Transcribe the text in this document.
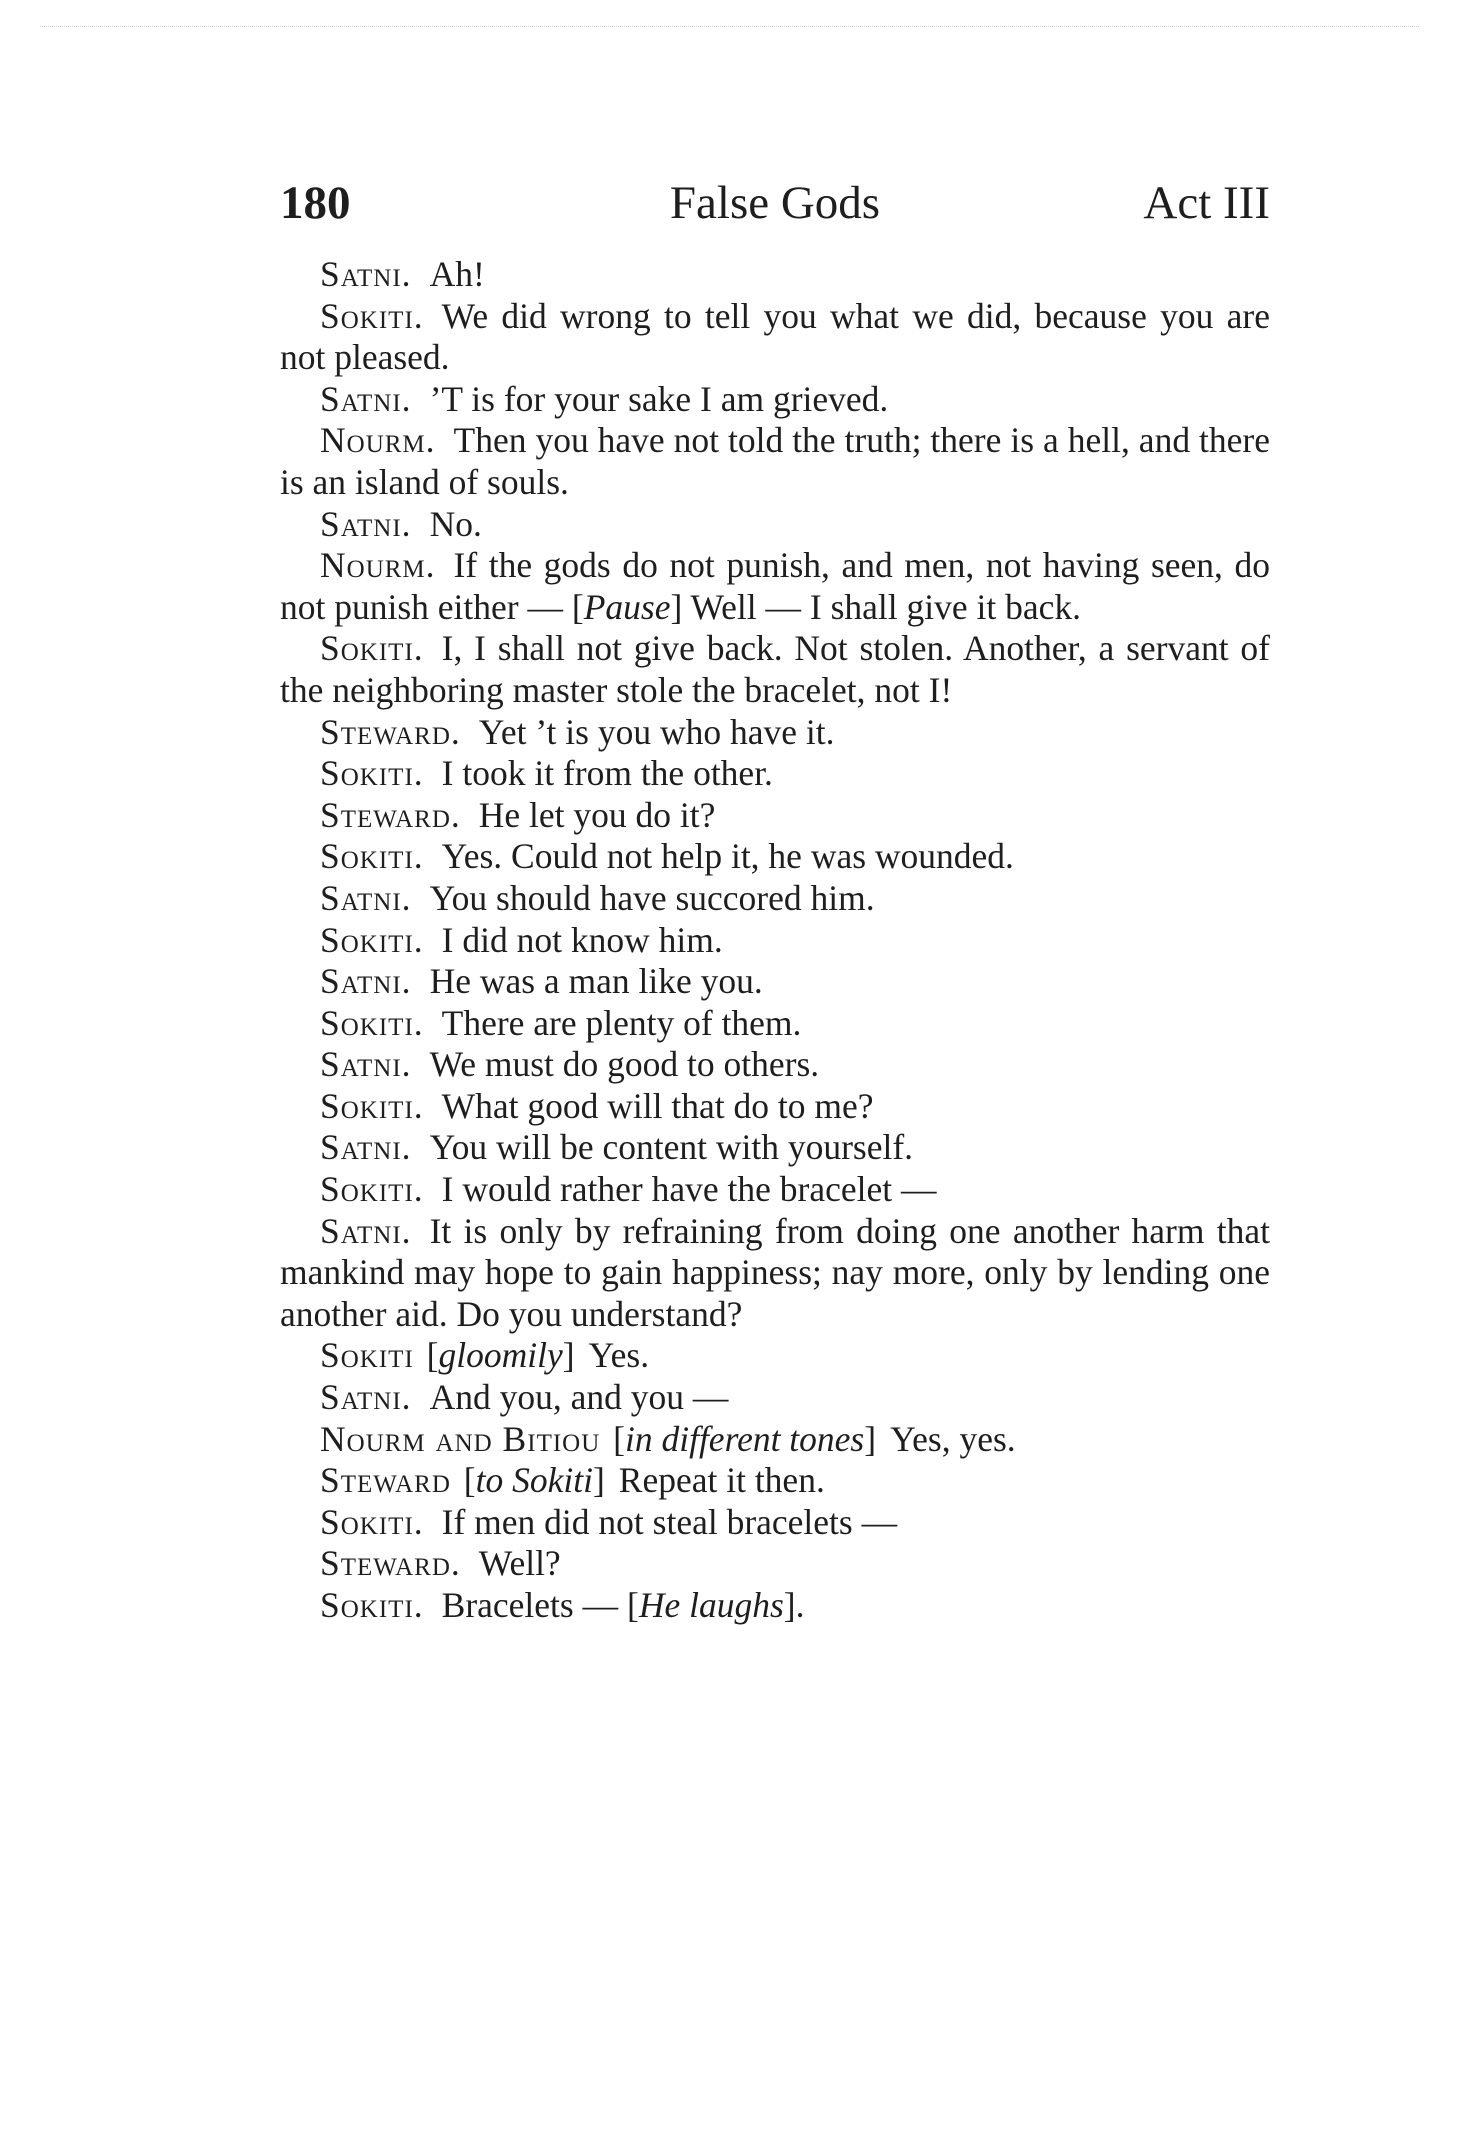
180	False Gods	Act III

Satni. Ah!

Sokiti. We did wrong to tell you what we did, because you are not pleased.

Satni. ’T is for your sake I am grieved.

Nourm. Then you have not told the truth; there is a hell, and there is an island of souls.

Satni. No.

Nourm. If the gods do not punish, and men, not having seen, do not punish either — [Pause] Well — I shall give it back.

Sokiti. I, I shall not give back. Not stolen. Another, a servant of the neighboring master stole the bracelet, not I!

Steward. Yet ’t is you who have it.

Sokiti. I took it from the other.

Steward. He let you do it?

Sokiti. Yes. Could not help it, he was wounded.

Satni. You should have succored him.

Sokiti. I did not know him.

Satni. He was a man like you.

Sokiti. There are plenty of them.

Satni. We must do good to others.

Sokiti. What good will that do to me?

Satni. You will be content with yourself.

Sokiti. I would rather have the bracelet —

Satni. It is only by refraining from doing one another harm that mankind may hope to gain happiness; nay more, only by lending one another aid. Do you understand?

Sokiti [gloomily] Yes.

Satni. And you, and you —

Nourm and Bitiou [in different tones] Yes, yes.

Steward [to Sokiti] Repeat it then.

Sokiti. If men did not steal bracelets —

Steward. Well?

Sokiti. Bracelets — [He laughs].
